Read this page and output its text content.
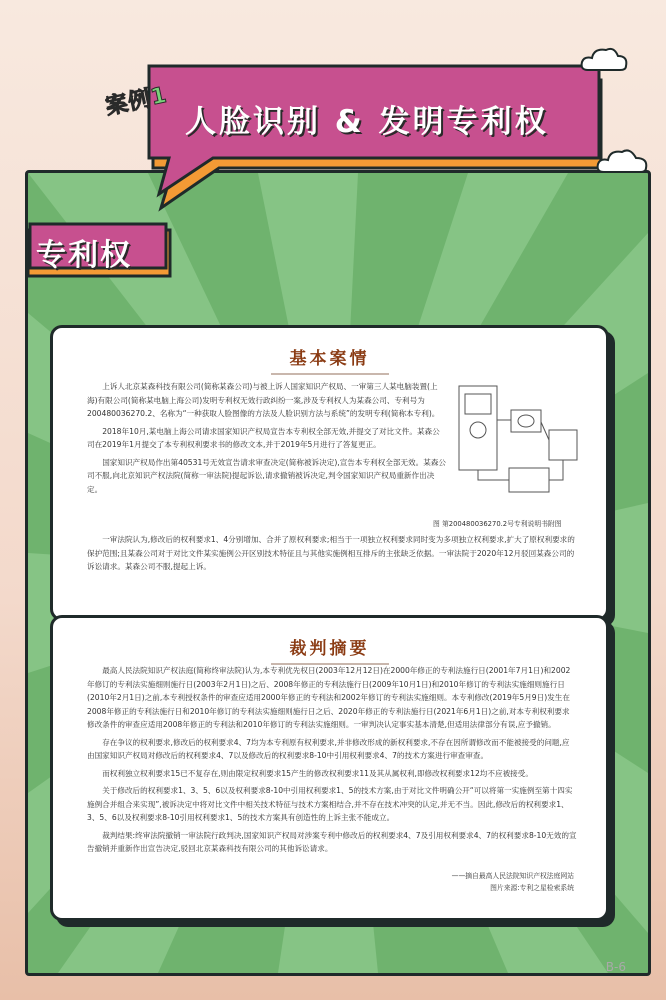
案例1
人脸识别 & 发明专利权
专利权
基本案情

上诉人北京某森科技有限公司(简称某森公司)与被上诉人国家知识产权局、一审第三人某电脑装置(上海)有限公司(简称某电脑上海公司)发明专利权无效行政纠纷一案,涉及专利权人为某森公司、专利号为200480036270.2、名称为“一种获取人脸图像的方法及人脸识别方法与系统”的发明专利(简称本专利)。

2018年10月,某电脑上海公司请求国家知识产权局宣告本专利权全部无效,并提交了对比文件。某森公司在2019年1月提交了本专利权利要求书的修改文本,并于2019年5月进行了答复更正。

国家知识产权局作出第40531号无效宣告请求审查决定(简称被诉决定),宣告本专利权全部无效。某森公司不服,向北京知识产权法院(简称一审法院)提起诉讼,请求撤销被诉决定,判令国家知识产权局重新作出决定。

图 第200480036270.2号专利说明书附图

一审法院认为,修改后的权利要求1、4分别增加、合并了原权利要求;相当于一项独立权利要求同时变为多项独立权利要求,扩大了原权利要求的保护范围;且某森公司对于对比文件某实施例公开区别技术特征且与其他实施例相互排斥的主张缺乏依据。一审法院于2020年12月驳回某森公司的诉讼请求。某森公司不服,提起上诉。

裁判摘要

最高人民法院知识产权法庭(简称终审法院)认为,本专利优先权日(2003年12月12日)在2000年修正的专利法施行日(2001年7月1日)和2002年修订的专利法实施细则施行日(2003年2月1日)之后、2008年修正的专利法施行日(2009年10月1日)和2010年修订的专利法实施细则施行日(2010年2月1日)之前,本专利授权条件的审查应适用2000年修正的专利法和2002年修订的专利法实施细则。本专利修改(2019年5月9日)发生在2008年修正的专利法施行日和2010年修订的专利法实施细则施行日之后、2020年修正的专利法施行日(2021年6月1日)之前,对本专利权利要求修改条件的审查应适用2008年修正的专利法和2010年修订的专利法实施细则。一审判决认定事实基本清楚,但适用法律部分有误,应予撤销。

存在争议的权利要求,修改后的权利要求4、7均为本专利原有权利要求,并非修改形成的新权利要求,不存在因所谓修改而不能被接受的问题,应由国家知识产权局对修改后的权利要求4、7以及修改后的权利要求8-10中引用权利要求4、7的技术方案进行审查审查。

而权利独立权利要求15已不复存在,则由限定权利要求15产生的修改权利要求11及其从属权利,即修改权利要求12均不应被接受。

关于修改后的权利要求1、3、5、6以及权利要求8-10中引用权利要求1、5的技术方案,由于对比文件明确公开“可以将第一实施例至第十四实施例合并组合来实现”,被诉决定中将对比文件中相关技术特征与技术方案相结合,并不存在技术冲突的认定,并无不当。因此,修改后的权利要求1、3、5、6以及权利要求8-10引用权利要求1、5的技术方案具有创造性的上诉主张不能成立。

裁判结果:终审法院撤销一审法院行政判决,国家知识产权局对涉案专利中修改后的权利要求4、7及引用权利要求4、7的权利要求8-10无效的宣告撤销并重新作出宣告决定,驳回北京某森科技有限公司的其他诉讼请求。

——摘自最高人民法院知识产权法庭网站
图片来源:专利之星检索系统
B-6
